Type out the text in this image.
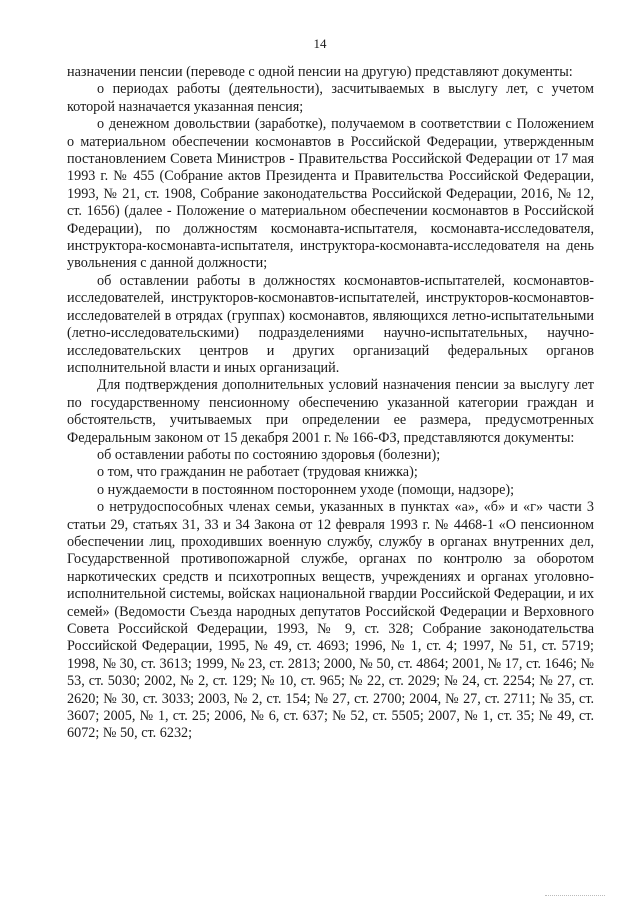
14

назначении пенсии (переводе с одной пенсии на другую) представляют документы:

о периодах работы (деятельности), засчитываемых в выслугу лет, с учетом которой назначается указанная пенсия;

о денежном довольствии (заработке), получаемом в соответствии с Положением о материальном обеспечении космонавтов в Российской Федерации, утвержденным постановлением Совета Министров - Правительства Российской Федерации от 17 мая 1993 г. № 455 (Собрание актов Президента и Правительства Российской Федерации, 1993, № 21, ст. 1908, Собрание законодательства Российской Федерации, 2016, № 12, ст. 1656) (далее - Положение о материальном обеспечении космонавтов в Российской Федерации), по должностям космонавта-испытателя, космонавта-исследователя, инструктора-космонавта-испытателя, инструктора-космонавта-исследователя на день увольнения с данной должности;

об оставлении работы в должностях космонавтов-испытателей, космонавтов-исследователей, инструкторов-космонавтов-испытателей, инструкторов-космонавтов-исследователей в отрядах (группах) космонавтов, являющихся летно-испытательными (летно-исследовательскими) подразделениями научно-испытательных, научно-исследовательских центров и других организаций федеральных органов исполнительной власти и иных организаций.

Для подтверждения дополнительных условий назначения пенсии за выслугу лет по государственному пенсионному обеспечению указанной категории граждан и обстоятельств, учитываемых при определении ее размера, предусмотренных Федеральным законом от 15 декабря 2001 г. № 166-ФЗ, представляются документы:

об оставлении работы по состоянию здоровья (болезни);

о том, что гражданин не работает (трудовая книжка);

о нуждаемости в постоянном постороннем уходе (помощи, надзоре);

о нетрудоспособных членах семьи, указанных в пунктах «а», «б» и «г» части 3 статьи 29, статьях 31, 33 и 34 Закона от 12 февраля 1993 г. № 4468-1 «О пенсионном обеспечении лиц, проходивших военную службу, службу в органах внутренних дел, Государственной противопожарной службе, органах по контролю за оборотом наркотических средств и психотропных веществ, учреждениях и органах уголовно-исполнительной системы, войсках национальной гвардии Российской Федерации, и их семей» (Ведомости Съезда народных депутатов Российской Федерации и Верховного Совета Российской Федерации, 1993, № 9, ст. 328; Собрание законодательства Российской Федерации, 1995, № 49, ст. 4693; 1996, № 1, ст. 4; 1997, № 51, ст. 5719; 1998, № 30, ст. 3613; 1999, № 23, ст. 2813; 2000, № 50, ст. 4864; 2001, № 17, ст. 1646; № 53, ст. 5030; 2002, № 2, ст. 129; № 10, ст. 965; № 22, ст. 2029; № 24, ст. 2254; № 27, ст. 2620; № 30, ст. 3033; 2003, № 2, ст. 154; № 27, ст. 2700; 2004, № 27, ст. 2711; № 35, ст. 3607; 2005, № 1, ст. 25; 2006, № 6, ст. 637; № 52, ст. 5505; 2007, № 1, ст. 35; № 49, ст. 6072; № 50, ст. 6232;
